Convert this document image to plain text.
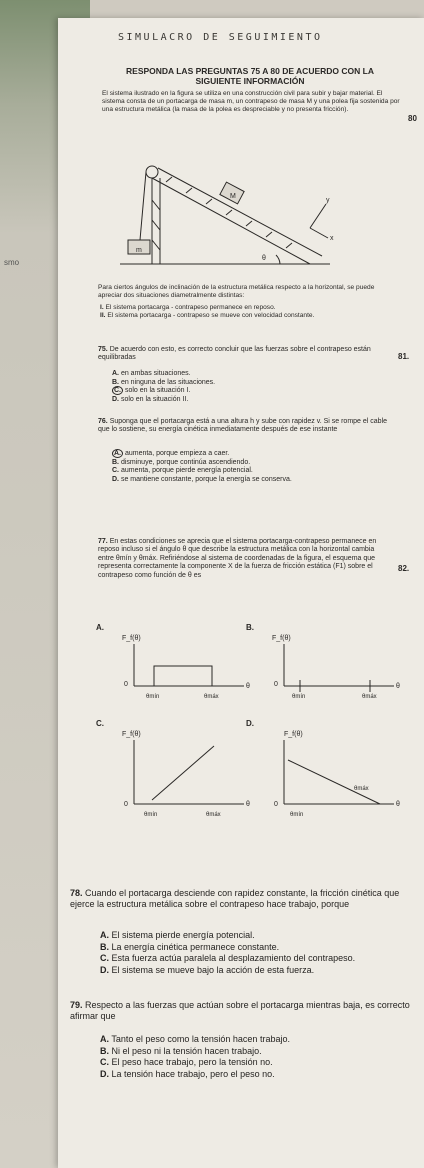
smo
SIMULACRO DE SEGUIMIENTO
RESPONDA LAS PREGUNTAS 75 A 80 DE ACUERDO CON LA
SIGUIENTE INFORMACIÓN
80
El sistema ilustrado en la figura se utiliza en una construcción civil para subir y bajar material. El sistema consta de un portacarga de masa m, un contrapeso de masa M y una polea fija sostenida por una estructura metálica (la masa de la polea es despreciable y no presenta fricción).
M
m
θ
x
y
Para ciertos ángulos de inclinación de la estructura metálica respecto a la horizontal, se puede apreciar dos situaciones diametralmente distintas:
I. El sistema portacarga - contrapeso permanece en reposo.
II. El sistema portacarga - contrapeso se mueve con velocidad constante.
75. De acuerdo con esto, es correcto concluir que las fuerzas sobre el contrapeso están equilibradas	81.
A. en ambas situaciones.
B. en ninguna de las situaciones.
C. solo en la situación I.
D. solo en la situación II.
76. Suponga que el portacarga está a una altura h y sube con rapidez v. Si se rompe el cable que lo sostiene, su energía cinética inmediatamente después de ese instante
A. aumenta, porque empieza a caer.
B. disminuye, porque continúa ascendiendo.
C. aumenta, porque pierde energía potencial.
D. se mantiene constante, porque la energía se conserva.
77. En estas condiciones se aprecia que el sistema portacarga-contrapeso permanece en reposo incluso si el ángulo θ que describe la estructura metálica con la horizontal cambia entre θmín y θmáx. Refiriéndose al sistema de coordenadas de la figura, el esquema que representa correctamente la componente X de la fuerza de fricción estática (F1) sobre el contrapeso como función de θ es
82.
A.
F_f(θ)
0	θ
θmín	θmáx
B.
F_f(θ)
0	θ
θmín	θmáx
C.
F_f(θ)
0	θ
θmín	θmáx
D.
F_f(θ)
0	θ
θmín
θmáx
78. Cuando el portacarga desciende con rapidez constante, la fricción cinética que ejerce la estructura metálica sobre el contrapeso hace trabajo, porque
A. El sistema pierde energía potencial.
B. La energía cinética permanece constante.
C. Esta fuerza actúa paralela al desplazamiento del contrapeso.
D. El sistema se mueve bajo la acción de esta fuerza.
79. Respecto a las fuerzas que actúan sobre el portacarga mientras baja, es correcto afirmar que
A. Tanto el peso como la tensión hacen trabajo.
B. Ni el peso ni la tensión hacen trabajo.
C. El peso hace trabajo, pero la tensión no.
D. La tensión hace trabajo, pero el peso no.
